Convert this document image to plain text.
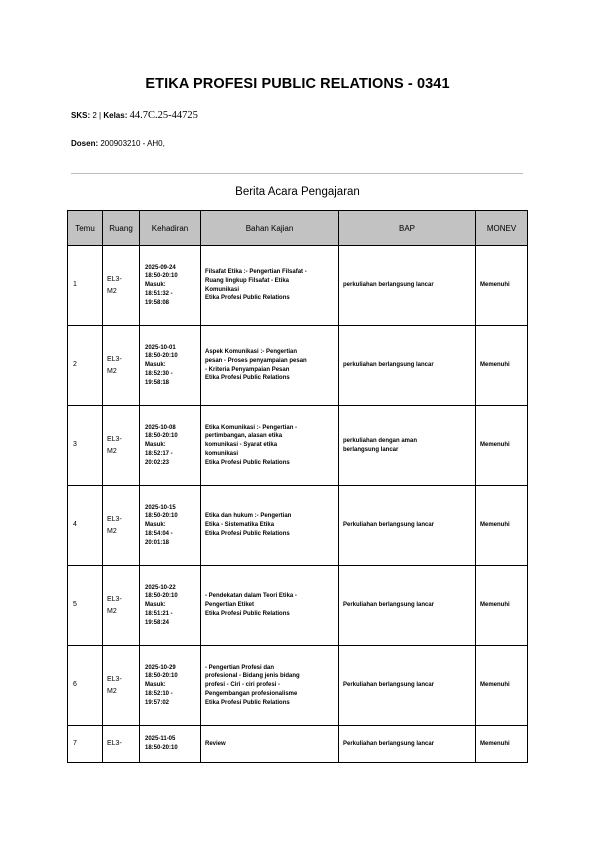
ETIKA PROFESI PUBLIC RELATIONS - 0341
SKS: 2 | Kelas: 44.7C.25-44725
Dosen: 200903210 - AH0,
Berita Acara Pengajaran
Temu	Ruang	Kehadiran	Bahan Kajian	BAP	MONEV
1	EL3-
M2	2025-09-24
18:50-20:10
Masuk:
18:51:32 -
19:58:08	Filsafat Etika :- Pengertian Filsafat -
Ruang lingkup Filsafat - Etika
Komunikasi
Etika Profesi Public Relations	perkuliahan berlangsung lancar	Memenuhi
2	EL3-
M2	2025-10-01
18:50-20:10
Masuk:
18:52:30 -
19:58:18	Aspek Komunikasi :- Pengertian
pesan - Proses penyampaian pesan
- Kriteria Penyampaian Pesan
Etika Profesi Public Relations	perkuliahan berlangsung lancar	Memenuhi
3	EL3-
M2	2025-10-08
18:50-20:10
Masuk:
18:52:17 -
20:02:23	Etika Komunikasi :- Pengertian -
pertimbangan, alasan etika
komunikasi - Syarat etika
komunikasi
Etika Profesi Public Relations	perkuliahan dengan aman
berlangsung lancar	Memenuhi
4	EL3-
M2	2025-10-15
18:50-20:10
Masuk:
18:54:04 -
20:01:18	Etika dan hukum :- Pengertian
Etika - Sistematika Etika
Etika Profesi Public Relations	Perkuliahan berlangsung lancar	Memenuhi
5	EL3-
M2	2025-10-22
18:50-20:10
Masuk:
18:51:21 -
19:58:24	- Pendekatan dalam Teori Etika -
Pengertian Etiket
Etika Profesi Public Relations	Perkuliahan berlangsung lancar	Memenuhi
6	EL3-
M2	2025-10-29
18:50-20:10
Masuk:
18:52:10 -
19:57:02	- Pengertian Profesi dan
profesional - Bidang jenis bidang
profesi - Ciri - ciri profesi -
Pengembangan profesionalisme
Etika Profesi Public Relations	Perkuliahan berlangsung lancar	Memenuhi
7	EL3-	2025-11-05
18:50-20:10	Review	Perkuliahan berlangsung lancar	Memenuhi
